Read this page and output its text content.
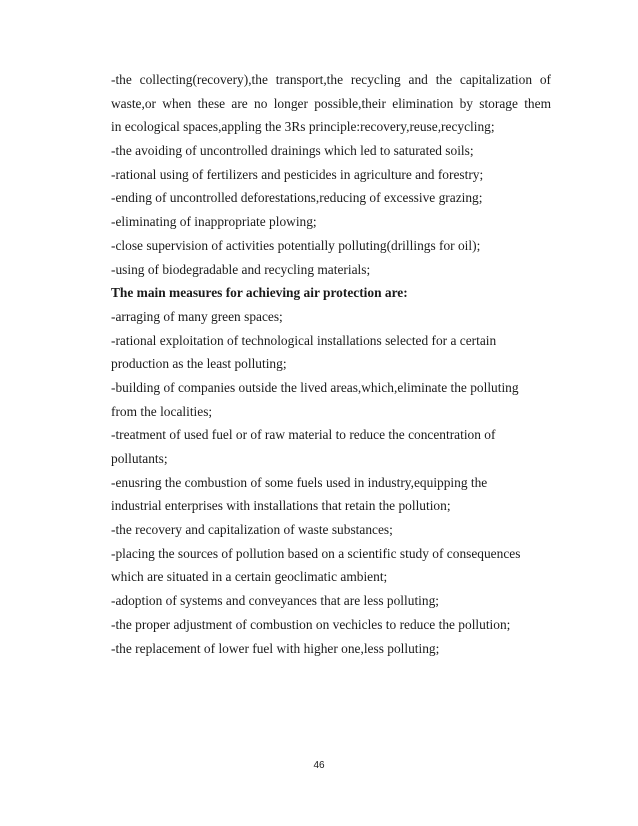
-the collecting(recovery),the transport,the recycling and the capitalization of
waste,or when these are no longer possible,their elimination by storage them
in ecological spaces,appling the 3Rs principle:recovery,reuse,recycling;
-the avoiding of uncontrolled drainings which led to saturated soils;
-rational using of fertilizers and pesticides in agriculture and forestry;
-ending of uncontrolled deforestations,reducing of excessive grazing;
-eliminating of inappropriate plowing;
-close supervision of activities potentially polluting(drillings for oil);
-using of biodegradable and recycling materials;
The main measures for achieving air protection are:
-arraging of many green spaces;
-rational exploitation of technological installations selected for a certain
production as the least polluting;
-building of companies outside the lived areas,which,eliminate the polluting
from the localities;
-treatment of used fuel or of raw material to reduce the concentration of
pollutants;
-enusring the combustion of some fuels used in industry,equipping the
industrial enterprises with installations that retain the pollution;
-the recovery and capitalization of waste substances;
-placing the sources of pollution based on a scientific study of consequences
which are situated in a certain geoclimatic ambient;
-adoption of systems and conveyances that are less polluting;
-the proper adjustment of combustion on vechicles to reduce the pollution;
-the replacement of lower fuel with higher one,less polluting;
46
